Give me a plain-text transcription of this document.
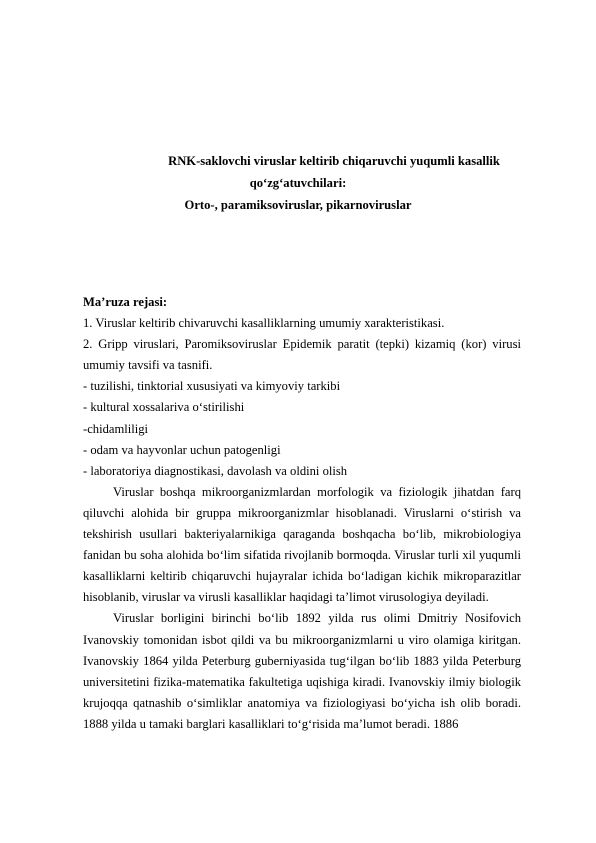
RNK-saklovchi viruslar keltirib chiqaruvchi yuqumli kasallik

qo‘zg‘atuvchilari:

Orto-, paramiksoviruslar, pikarnoviruslar

Ma’ruza rejasi:

1. Viruslar keltirib chivaruvchi kasalliklarning umumiy xarakteristikasi.

2. Gripp viruslari, Paromiksoviruslar Epidemik paratit (tepki) kizamiq (kor) virusi umumiy tavsifi va tasnifi.

- tuzilishi, tinktorial xususiyati va kimyoviy tarkibi

- kultural xossalariva o‘stirilishi

-chidamliligi

- odam va hayvonlar uchun patogenligi

- laboratoriya diagnostikasi, davolash va oldini olish

Viruslar boshqa mikroorganizmlardan morfologik va fiziologik jihatdan farq qiluvchi alohida bir gruppa mikroorganizmlar hisoblanadi. Viruslarni o‘stirish va tekshirish usullari bakteriyalarnikiga qaraganda boshqacha bo‘lib, mikrobiologiya fanidan bu soha alohida bo‘lim sifatida rivojlanib bormoqda. Viruslar turli xil yuqumli kasalliklarni keltirib chiqaruvchi hujayralar ichida bo‘ladigan kichik mikroparazitlar hisoblanib, viruslar va virusli kasalliklar haqidagi ta’limot virusologiya deyiladi.

Viruslar borligini birinchi bo‘lib 1892 yilda rus olimi Dmitriy Nosifovich Ivanovskiy tomonidan isbot qildi va bu mikroorganizmlarni u viro olamiga kiritgan. Ivanovskiy 1864 yilda Peterburg guberniyasida tug‘ilgan bo‘lib 1883 yilda Peterburg universitetini fizika-matematika fakultetiga uqishiga kiradi. Ivanovskiy ilmiy biologik krujoqqa qatnashib o‘simliklar anatomiya va fiziologiyasi bo‘yicha ish olib boradi. 1888 yilda u tamaki barglari kasalliklari to‘g‘risida ma’lumot beradi. 1886
